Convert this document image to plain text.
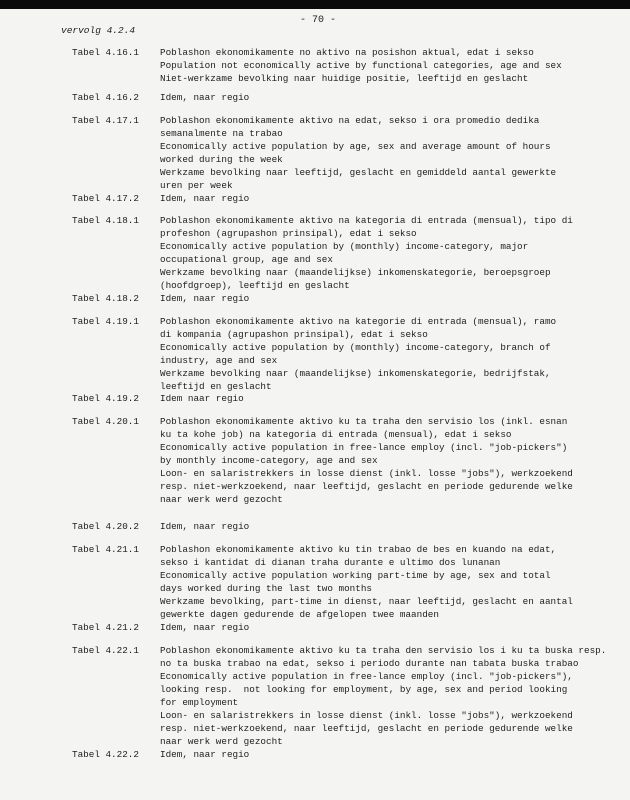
- 70 -
vervolg 4.2.4
Tabel 4.16.1 Poblashon ekonomikamente no aktivo na posishon aktual, edat i sekso
Population not economically active by functional categories, age and sex
Niet-werkzame bevolking naar huidige positie, leeftijd en geslacht
Tabel 4.16.2 Idem, naar regio
Tabel 4.17.1 Poblashon ekonomikamente aktivo na edat, sekso i ora promedio dedika
semanalmente na trabao
Economically active population by age, sex and average amount of hours
worked during the week
Werkzame bevolking naar leeftijd, geslacht en gemiddeld aantal gewerkte
uren per week
Tabel 4.17.2 Idem, naar regio
Tabel 4.18.1 Poblashon ekonomikamente aktivo na kategoria di entrada (mensual), tipo di
profeshon (agrupashon prinsipal), edat i sekso
Economically active population by (monthly) income-category, major
occupational group, age and sex
Werkzame bevolking naar (maandelijkse) inkomenskategorie, beroepsgroep
(hoofdgroep), leeftijd en geslacht
Tabel 4.18.2 Idem, naar regio
Tabel 4.19.1 Poblashon ekonomikamente aktivo na kategorie di entrada (mensual), ramo
di kompania (agrupashon prinsipal), edat i sekso
Economically active population by (monthly) income-category, branch of
industry, age and sex
Werkzame bevolking naar (maandelijkse) inkomenskategorie, bedrijfstak,
leeftijd en geslacht
Tabel 4.19.2 Idem naar regio
Tabel 4.20.1 Poblashon ekonomikamente aktivo ku ta traha den servisio los (inkl. esnan
ku ta kohe job) na kategoria di entrada (mensual), edat i sekso
Economically active population in free-lance employ (incl. "job-pickers")
by monthly income-category, age and sex
Loon- en salaristrekkers in losse dienst (inkl. losse "jobs"), werkzoekend
resp. niet-werkzoekend, naar leeftijd, geslacht en periode gedurende welke
naar werk werd gezocht
Tabel 4.20.2 Idem, naar regio
Tabel 4.21.1 Poblashon ekonomikamente aktivo ku tin trabao de bes en kuando na edat,
sekso i kantidat di dianan traha durante e ultimo dos lunanan
Economically active population working part-time by age, sex and total
days worked during the last two months
Werkzame bevolking, part-time in dienst, naar leeftijd, geslacht en aantal
gewerkte dagen gedurende de afgelopen twee maanden
Tabel 4.21.2 Idem, naar regio
Tabel 4.22.1 Poblashon ekonomikamente aktivo ku ta traha den servisio los i ku ta buska resp.
no ta buska trabao na edat, sekso i periodo durante nan tabata buska trabao
Economically active population in free-lance employ (incl. "job-pickers"),
looking resp.  not looking for employment, by age, sex and period looking
for employment
Loon- en salaristrekkers in losse dienst (inkl. losse "jobs"), werkzoekend
resp. niet-werkzoekend, naar leeftijd, geslacht en periode gedurende welke
naar werk werd gezocht
Tabel 4.22.2 Idem, naar regio
